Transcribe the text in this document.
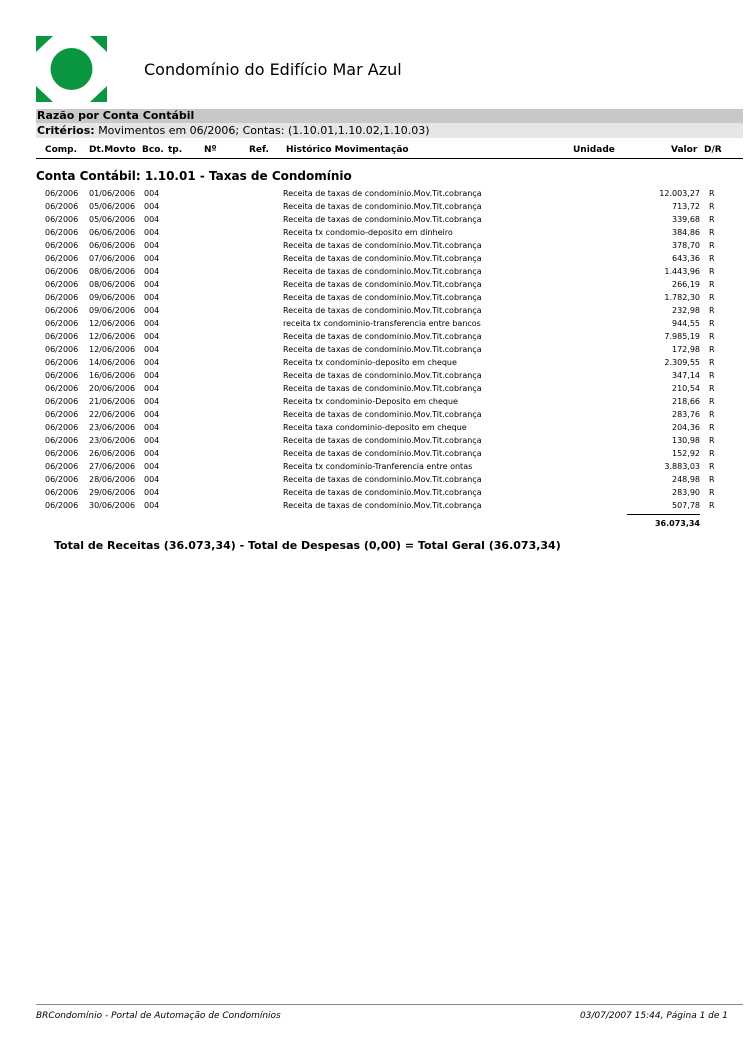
Condomínio do Edifício Mar Azul
Razão por Conta Contábil
Critérios: Movimentos em 06/2006; Contas: (1.10.01,1.10.02,1.10.03)
Comp. Dt.Movto Bco. tp. Nº	Ref. Histórico Movimentação	Unidade	Valor D/R
Conta Contábil: 1.10.01 - Taxas de Condomínio
06/2006 01/06/2006 004	Receita de taxas de condominio.Mov.Tit.cobrança	12.003,27 R
06/2006 05/06/2006 004	Receita de taxas de condominio.Mov.Tit.cobrança	713,72 R
06/2006 05/06/2006 004	Receita de taxas de condominio.Mov.Tit.cobrança	339,68 R
06/2006 06/06/2006 004	Receita tx condomio-deposito em dinheiro	384,86 R
06/2006 06/06/2006 004	Receita de taxas de condominio.Mov.Tit.cobrança	378,70 R
06/2006 07/06/2006 004	Receita de taxas de condominio.Mov.Tit.cobrança	643,36 R
06/2006 08/06/2006 004	Receita de taxas de condominio.Mov.Tit.cobrança	1.443,96 R
06/2006 08/06/2006 004	Receita de taxas de condominio.Mov.Tit.cobrança	266,19 R
06/2006 09/06/2006 004	Receita de taxas de condominio.Mov.Tit.cobrança	1.782,30 R
06/2006 09/06/2006 004	Receita de taxas de condominio.Mov.Tit.cobrança	232,98 R
06/2006 12/06/2006 004	receita tx condominio-transferencia entre bancos	944,55 R
06/2006 12/06/2006 004	Receita de taxas de condominio.Mov.Tit.cobrança	7.985,19 R
06/2006 12/06/2006 004	Receita de taxas de condominio.Mov.Tit.cobrança	172,98 R
06/2006 14/06/2006 004	Receita tx condominio-deposito em cheque	2.309,55 R
06/2006 16/06/2006 004	Receita de taxas de condominio.Mov.Tit.cobrança	347,14 R
06/2006 20/06/2006 004	Receita de taxas de condominio.Mov.Tit.cobrança	210,54 R
06/2006 21/06/2006 004	Receita tx condominio-Deposito em cheque	218,66 R
06/2006 22/06/2006 004	Receita de taxas de condominio.Mov.Tit.cobrança	283,76 R
06/2006 23/06/2006 004	Receita taxa condominio-deposito em cheque	204,36 R
06/2006 23/06/2006 004	Receita de taxas de condominio.Mov.Tit.cobrança	130,98 R
06/2006 26/06/2006 004	Receita de taxas de condominio.Mov.Tit.cobrança	152,92 R
06/2006 27/06/2006 004	Receita tx condominio-Tranferencia entre ontas	3.883,03 R
06/2006 28/06/2006 004	Receita de taxas de condominio.Mov.Tit.cobrança	248,98 R
06/2006 29/06/2006 004	Receita de taxas de condominio.Mov.Tit.cobrança	283,90 R
06/2006 30/06/2006 004	Receita de taxas de condominio.Mov.Tit.cobrança	507,78 R
36.073,34
Total de Receitas (36.073,34) - Total de Despesas (0,00) = Total Geral (36.073,34)
BRCondomínio - Portal de Automação de Condomínios	03/07/2007 15:44, Página 1 de 1
